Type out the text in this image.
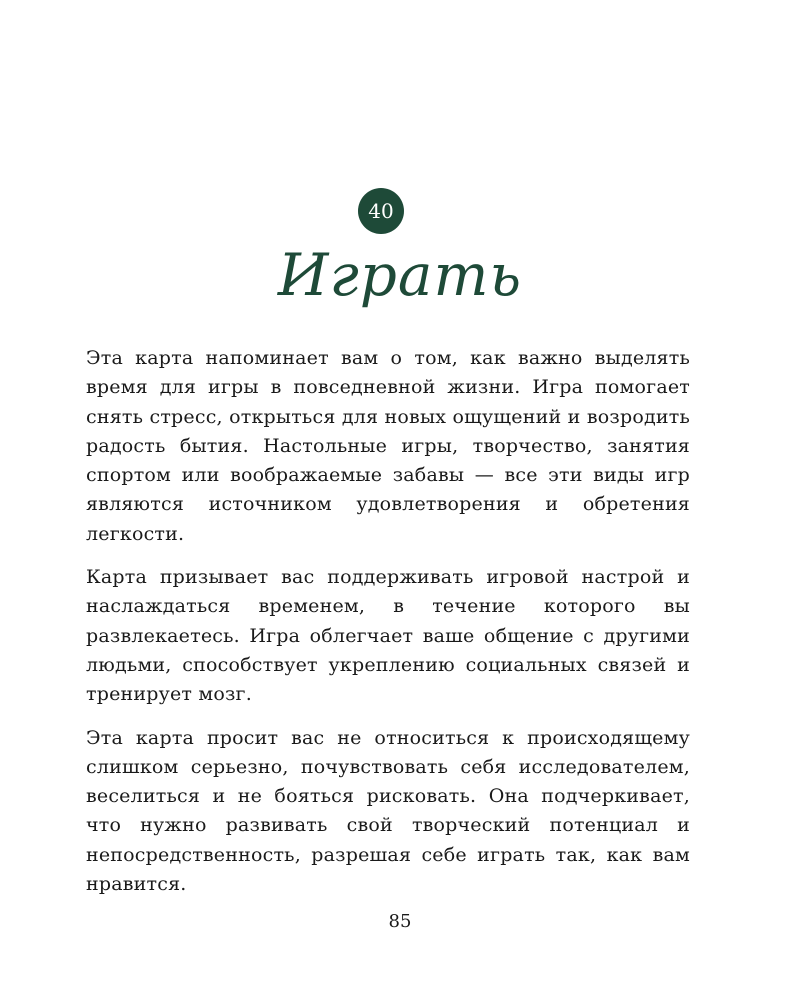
40
Играть

Эта карта напоминает вам о том, как важно выделять время для игры в повседневной жизни. Игра помогает снять стресс, открыться для новых ощущений и возродить радость бытия. Настольные игры, творчество, занятия спортом или воображаемые забавы — все эти виды игр являются источником удовлетворения и обретения легкости.

Карта призывает вас поддерживать игровой настрой и наслаждаться временем, в течение которого вы развлекаетесь. Игра облегчает ваше общение с другими людьми, способствует укреплению социальных связей и тренирует мозг.

Эта карта просит вас не относиться к происходящему слишком серьезно, почувствовать себя исследователем, веселиться и не бояться рисковать. Она подчеркивает, что нужно развивать свой творческий потенциал и непосредственность, разрешая себе играть так, как вам нравится.

85
